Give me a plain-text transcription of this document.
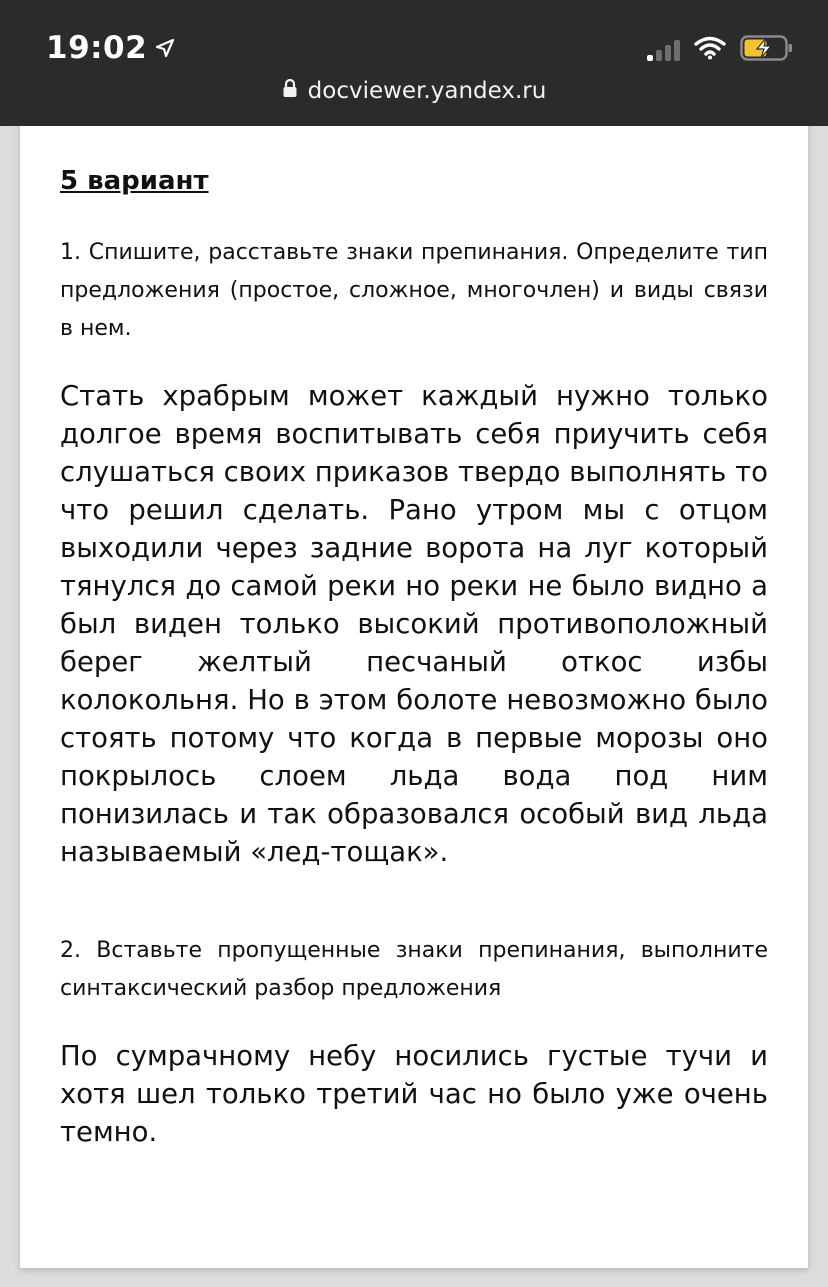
5 вариант
1. Спишите, расставьте знаки препинания. Определите тип предложения (простое, сложное, многочлен) и виды связи в нем.
Стать храбрым может каждый нужно только долгое время воспитывать себя приучить себя слушаться своих приказов твердо выполнять то что решил сделать. Рано утром мы с отцом выходили через задние ворота на луг который тянулся до самой реки но реки не было видно а был виден только высокий противоположный берег желтый песчаный откос избы колокольня. Но в этом болоте невозможно было стоять потому что когда в первые морозы оно покрылось слоем льда вода под ним понизилась и так образовался особый вид льда называемый «лед-тощак».
2. Вставьте пропущенные знаки препинания, выполните синтаксический разбор предложения
По сумрачному небу носились густые тучи и хотя шел только третий час но было уже очень темно.
19:02
docviewer.yandex.ru
